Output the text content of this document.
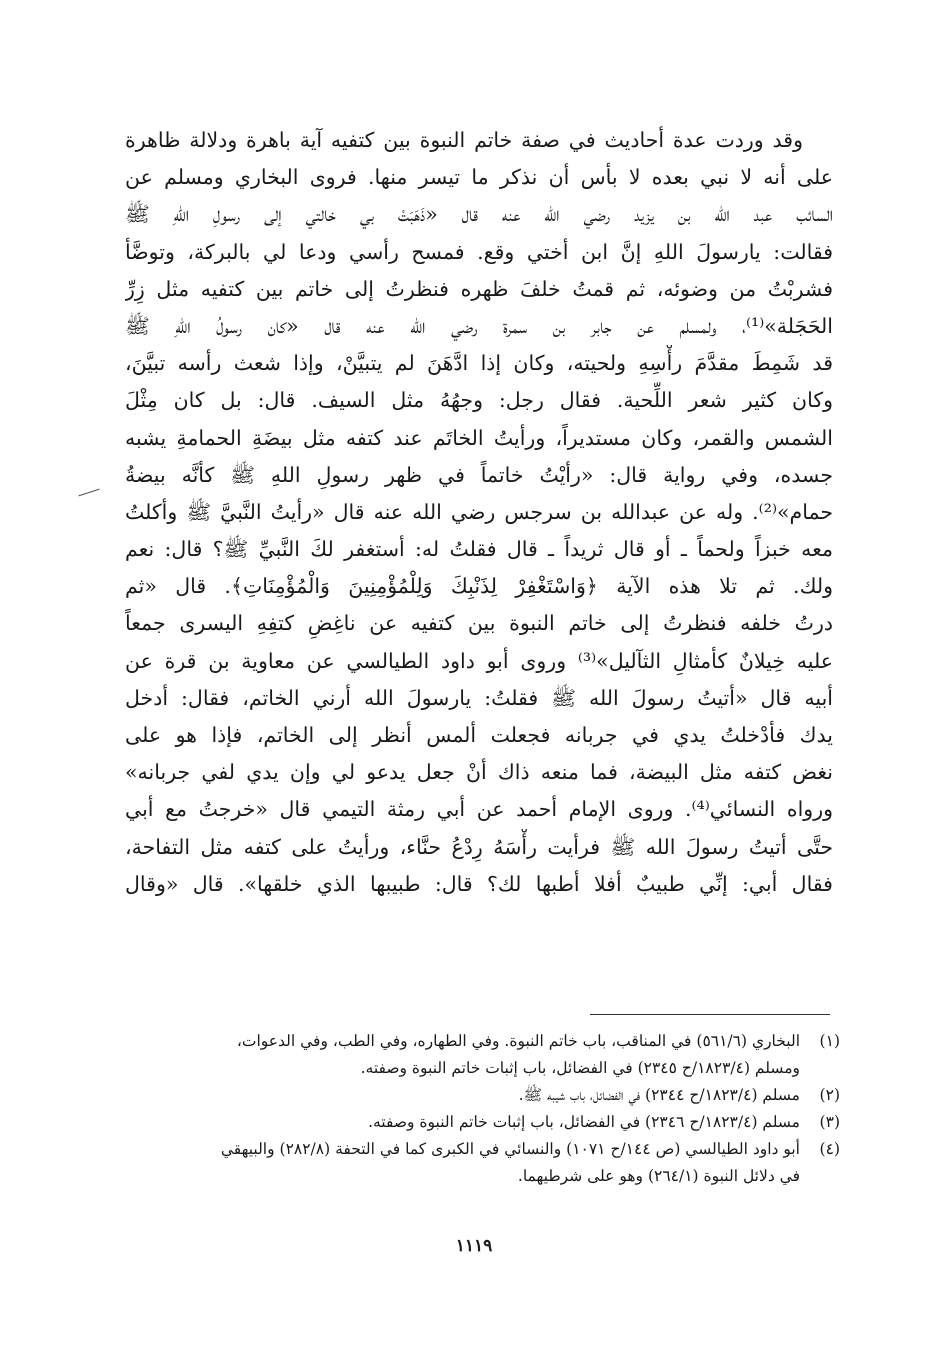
وقد وردت عدة أحاديث في صفة خاتم النبوة بين كتفيه آية باهرة ودلالة ظاهرة
على أنه لا نبي بعده لا بأس أن نذكر ما تيسر منها. فروى البخاري ومسلم عن
السائب عبد الله بن يزيد رضي الله عنه قال «ذَهَبَتْ بي خالتي إلى رسولِ اللهِ ﷺ
فقالت: يارسولَ اللهِ إنَّ ابن أختي وقع. فمسح رأسي ودعا لي بالبركة، وتوضَّأ
فشربْتُ من وضوئه، ثم قمتُ خلفَ ظهره فنظرتُ إلى خاتم بين كتفيه مثل زِرِّ
الحَجَلة»⁽¹⁾، ولمسلم عن جابر بن سمرة رضي الله عنه قال «كان رسولُ اللهِ ﷺ
قد شَمِطَ مقدَّمَ رأْسِهِ ولحيته، وكان إذا ادَّهَنَ لم يتبيَّنْ، وإذا شعث رأسه تبيَّنَ،
وكان كثير شعر اللِّحية. فقال رجل: وجهُهُ مثل السيف. قال: بل كان مِثْلَ
الشمس والقمر، وكان مستديراً، ورأيتُ الخاتَم عند كتفه مثل بيضَةِ الحمامةِ يشبه
جسده، وفي رواية قال: «رأيْتُ خاتماً في ظهر رسولِ اللهِ ﷺ كأنَّه بيضةُ
حمام»⁽²⁾. وله عن عبدالله بن سرجس رضي الله عنه قال «رأيتُ النَّبيَّ ﷺ وأكلتُ
معه خبزاً ولحماً ـ أو قال ثريداً ـ قال فقلتُ له: أستغفر لكَ النَّبيِّ ﷺ؟ قال: نعم
ولك. ثم تلا هذه الآية ﴿وَاسْتَغْفِرْ لِذَنْبِكَ وَلِلْمُؤْمِنِينَ وَالْمُؤْمِنَاتِ﴾. قال «ثم
درتُ خلفه فنظرتُ إلى خاتم النبوة بين كتفيه عن ناغِضِ كتفِهِ اليسرى جمعاً
عليه خِيلانٌ كأمثالِ الثآليل»⁽³⁾ وروى أبو داود الطيالسي عن معاوية بن قرة عن
أبيه قال «أتيتُ رسولَ الله ﷺ فقلتُ: يارسولَ الله أرني الخاتم، فقال: أدخل
يدك فأدْخلتُ يدي في جربانه فجعلت ألمس أنظر إلى الخاتم، فإذا هو على
نغض كتفه مثل البيضة، فما منعه ذاك أنْ جعل يدعو لي وإن يدي لفي جربانه»
ورواه النسائي⁽⁴⁾. وروى الإمام أحمد عن أبي رمثة التيمي قال «خرجتُ مع أبي
حتَّى أتيتُ رسولَ الله ﷺ فرأيت رأْسَهُ رِدْعُ حنَّاء، ورأيتُ على كتفه مثل التفاحة،
فقال أبي: إنِّي طبيبٌ أفلا أطبها لك؟ قال: طبيبها الذي خلقها». قال «وقال
(١)
البخاري (٥٦١/٦) في المناقب، باب خاتم النبوة. وفي الطهاره، وفي الطب، وفي الدعوات،
ومسلم (١٨٢٣/٤/ح ٢٣٤٥) في الفضائل، باب إثبات خاتم النبوة وصفته.
(٢)
مسلم (١٨٢٣/٤/ح ٢٣٤٤) في الفضائل، باب شيبه ﷺ.
(٣)
مسلم (١٨٢٣/٤/ح ٢٣٤٦) في الفضائل، باب إثبات خاتم النبوة وصفته.
(٤)
أبو داود الطيالسي (ص ١٤٤/ح ١٠٧١) والنسائي في الكبرى كما في التحفة (٢٨٢/٨) والبيهقي
في دلائل النبوة (٢٦٤/١) وهو على شرطيهما.
١١١٩
